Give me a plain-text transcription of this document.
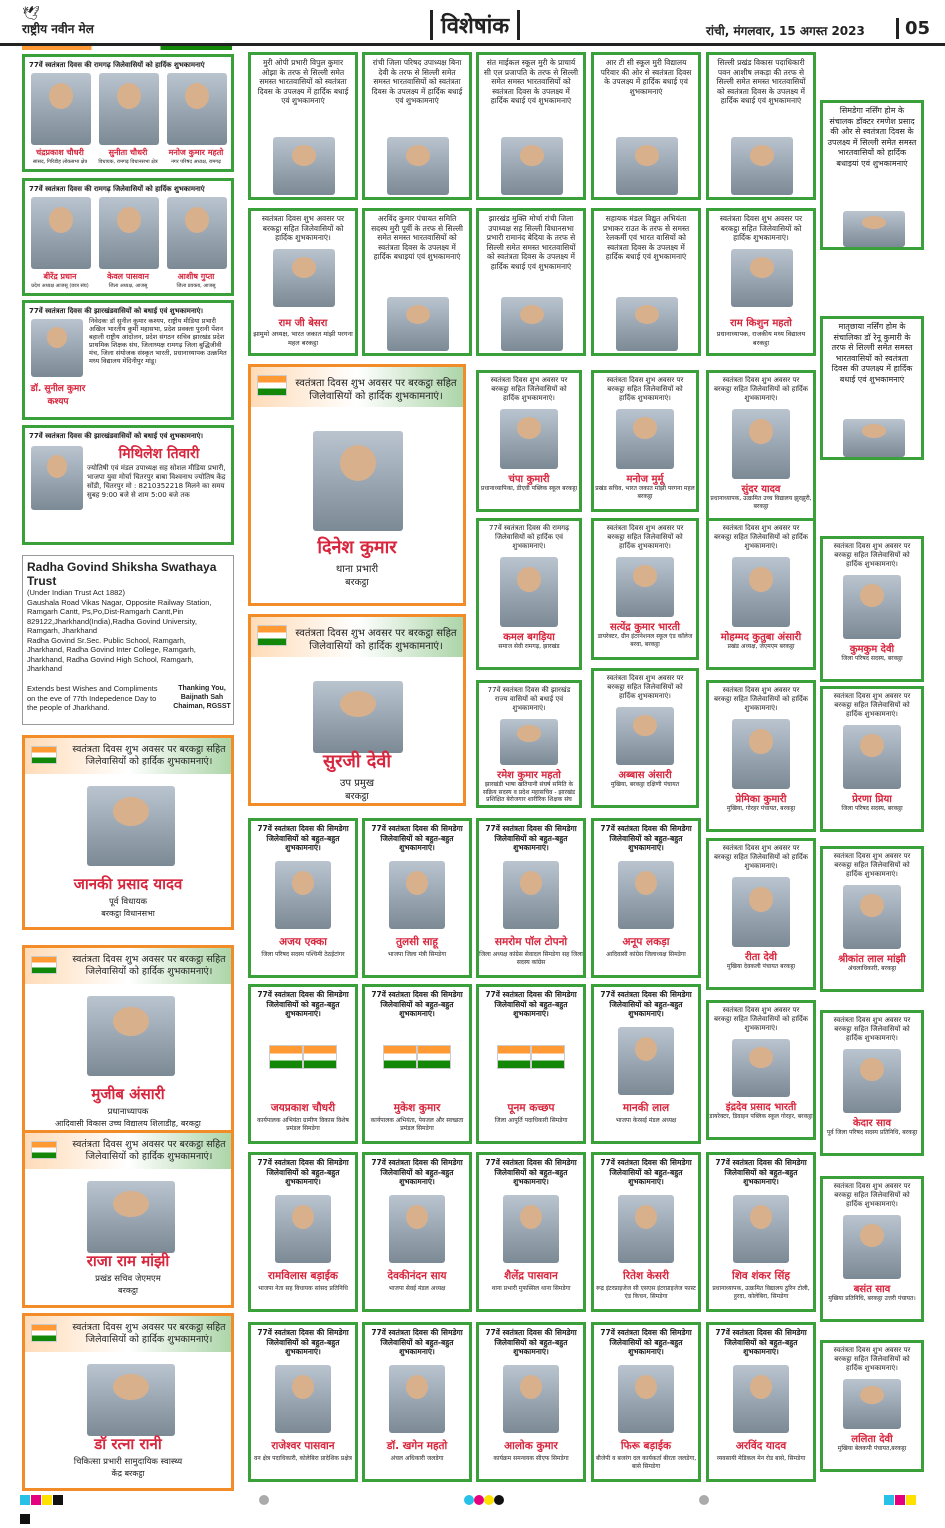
🕊
राष्ट्रीय नवीन मेल	विशेषांक	रांची, मंगलवार, 15 अगस्त 2023	05
77वें स्वतंत्रता दिवस की रामगढ़ जिलेवासियों को हार्दिक शुभकामनाएं
चंद्रप्रकाश चौधरी
सांसद, गिरिडीह लोकसभा क्षेत्र
सुनीता चौधरी
विधायक, रामगढ़ विधानसभा क्षेत्र
मनोज कुमार महतो
नगर परिषद अध्यक्ष, रामगढ़
77वें स्वतंत्रता दिवस की रामगढ़ जिलेवासियों को हार्दिक शुभकामनाएं
बीरेंद्र प्रधान
प्रदेश अध्यक्ष आजसू (छात्र संघ)
केवल पासवान
जिला अध्यक्ष, आजसू
आशीष गुप्ता
जिला प्रवक्ता, आजसू
77वें स्वतंत्रता दिवस की झारखंडवासियों को बधाई एवं शुभकामनाएं।
डॉ. सुनील कुमार कश्यप
निवेदकः डॉ सुनील कुमार कश्यप, राष्ट्रीय मीडिया प्रभारी अखिल भारतीय कुर्मी महासभा, प्रदेश प्रवक्ता पुरानी पेंशन बहाली राष्ट्रीय आंदोलन, प्रदेश संगठन सचिव झारखंड प्रदेश प्राथमिक शिक्षक संघ, जिलाध्यक्ष रामगढ़ जिला बुद्धिजीवी मंच, जिला संयोजक संस्कृत भारती, प्रधानाध्यापक उत्क्रमित मध्य विद्यालय मेदिनीपुर मांडू।
77वें स्वतंत्रता दिवस की झारखंडवासियों को बधाई एवं शुभकामनाएं।
मिथिलेश तिवारी
ज्योतिषी एवं मंडल उपाध्यक्ष सह सोशल मीडिया प्रभारी, भाजपा युवा मोर्चा चितरपुर बाबा विश्वनाथ ज्योतिष केंद्र सोंडी, चितरपुर मो : 8210352218 मिलने का समय सुबह 9:00 बजे से शाम 5:00 बजे तक
Radha Govind Shiksha Swathaya Trust
(Under Indian Trust Act 1882)
Gaushala Road Vikas Nagar, Opposite Railway Station,
Ramgarh Cantt, Ps,Po,Dist-Ramgarh Cantt,Pin
829122,Jharkhand(India),Radha Govind University,
Ramgarh, Jharkhand
Radha Govind Sr.Sec. Public School, Ramgarh,
Jharkhand, Radha Govind Inter College, Ramgarh,
Jharkhand, Radha Govind High School, Ramgarh,
Jharkhand
Extends best Wishes and Compliments on the eve of 77th Indepedence Day to the people of Jharkhand.
Thanking You, Baijnath Sah Chaiman, RGSST
स्वतंत्रता दिवस शुभ अवसर पर बरकट्ठा सहित जिलेवासियों को हार्दिक शुभकामनाएं।
जानकी प्रसाद यादव
पूर्व विधायक
बरकट्ठा विधानसभा
स्वतंत्रता दिवस शुभ अवसर पर बरकट्ठा सहित जिलेवासियों को हार्दिक शुभकामनाएं।
मुजीब अंसारी
प्रधानाध्यापक
आदिवासी विकास उच्च विद्यालय शिलाडीह, बरकट्ठा
स्वतंत्रता दिवस शुभ अवसर पर बरकट्ठा सहित जिलेवासियों को हार्दिक शुभकामनाएं।
राजा राम मांझी
प्रखंड सचिव जेएमएम
बरकट्ठा
स्वतंत्रता दिवस शुभ अवसर पर बरकट्ठा सहित जिलेवासियों को हार्दिक शुभकामनाएं।
डॉ रत्ना रानी
चिकित्सा प्रभारी सामुदायिक स्वास्थ्य
केंद्र बरकट्ठा
मुरी ओपी प्रभारी विपुल कुमार ओझा के तरफ से सिल्ली समेत समस्त भारतवासियों को स्वतंत्रता दिवस के उपलक्ष्य में हार्दिक बधाई एवं शुभकामनाएं
रांची जिला परिषद उपाध्यक्ष बिना देवी के तरफ से सिल्ली समेत समस्त भारतवासियों को स्वतंत्रता दिवस के उपलक्ष्य में हार्दिक बधाई एवं शुभकामनाएं
संत माईकल स्कूल मुरी के प्राचार्य सी एल प्रजापति के तरफ से सिल्ली समेत समस्त भारतवासियों को स्वतंत्रता दिवस के उपलक्ष्य में हार्दिक बधाई एवं शुभकामनाएं
आर टी सी स्कूल मुरी विद्यालय परिवार की ओर से स्वतंत्रता दिवस के उपलक्ष्य में हार्दिक बधाई एवं शुभकामनाएं
सिल्ली प्रखंड विकास पदाधिकारी पवन आशीष लकड़ा की तरफ से सिल्ली समेत समस्त भारतवासियों को स्वतंत्रता दिवस के उपलक्ष्य में हार्दिक बधाई एवं शुभकामनाएं
स्वतंत्रता दिवस शुभ अवसर पर बरकट्ठा सहित जिलेवासियों को हार्दिक शुभकामनाएं।
राम जी बेसरा
झामुमो अध्यक्ष, भारत जकात मांझी परगना महल बरकट्ठा
अरविंद कुमार पंचायत समिति सदस्य मुरी पूर्वी के तरफ से सिल्ली समेत समस्त भारतवासियों को स्वतंत्रता दिवस के उपलक्ष्य में हार्दिक बधाइयां एवं शुभकामनाएं
झारखंड मुक्ति मोर्चा रांची जिला उपाध्यक्ष सह सिल्ली विधानसभा प्रभारी रामानंद बेदिया के तरफ से सिल्ली समेत समस्त भारतवासियों को स्वतंत्रता दिवस के उपलक्ष्य में हार्दिक बधाई एवं शुभकामनाएं
सहायक मंडल विद्युत अभियंता प्रभाकर राउत के तरफ से समस्त रेलकर्मी एवं भारत वासियों को स्वतंत्रता दिवस के उपलक्ष्य में हार्दिक बधाई एवं शुभकामनाएं
स्वतंत्रता दिवस शुभ अवसर पर बरकट्ठा सहित जिलेवासियों को हार्दिक शुभकामनाएं।
राम किशुन महतो
प्रधानाध्यापक, राजकीय मध्य विद्यालय बरकट्ठा
स्वतंत्रता दिवस शुभ अवसर पर बरकट्ठा सहित जिलेवासियों को हार्दिक शुभकामनाएं।
दिनेश कुमार
थाना प्रभारी
बरकट्ठा
स्वतंत्रता दिवस शुभ अवसर पर बरकट्ठा सहित जिलेवासियों को हार्दिक शुभकामनाएं।
सुरजी देवी
उप प्रमुख
बरकट्ठा
स्वतंत्रता दिवस शुभ अवसर पर बरकट्ठा सहित जिलेवासियों को हार्दिक शुभकामनाएं।
चंपा कुमारी
प्रधानाध्यापिका, डीएवी पब्लिक स्कूल बरकट्ठा
77वें स्वतंत्रता दिवस की रामगढ़ जिलेवासियों को हार्दिक एवं शुभकामनाएं।
कमल बगड़िया
समाज सेवी रामगढ़, झारखंड
77वें स्वतंत्रता दिवस की झारखंड राज्य वासियों को बधाई एवं शुभकामनाएं।
रमेश कुमार महतो
झारखंडी भाषा खतियानी संघर्ष समिति के सक्रिय सदस्य व प्रदेश महासचिव - झारखंड प्रशिक्षित बेरोजगार शारीरिक शिक्षक संघ
स्वतंत्रता दिवस शुभ अवसर पर बरकट्ठा सहित जिलेवासियों को हार्दिक शुभकामनाएं।
मनोज मुर्मू
प्रखंड सचिव, भारत जकात मांझी परगना महल बरकट्ठा
स्वतंत्रता दिवस शुभ अवसर पर बरकट्ठा सहित जिलेवासियों को हार्दिक शुभकामनाएं।
सत्येंद्र कुमार भारती
डायरेक्टर, ग्रीन इंटरनेशनल स्कूल एंड कॉलेज बरवा, बरकट्ठा
स्वतंत्रता दिवस शुभ अवसर पर बरकट्ठा सहित जिलेवासियों को हार्दिक शुभकामनाएं।
अब्बास अंसारी
मुखिया, बरकट्ठा दक्षिणी पंचायत
स्वतंत्रता दिवस शुभ अवसर पर बरकट्ठा सहित जिलेवासियों को हार्दिक शुभकामनाएं।
सुंदर यादव
प्रधानाध्यापक, उत्क्रमित उच्च विद्यालय झुरझुरी, बरकट्ठा
स्वतंत्रता दिवस शुभ अवसर पर बरकट्ठा सहित जिलेवासियों को हार्दिक शुभकामनाएं।
मोहम्मद कुतुबा अंसारी
प्रखंड अध्यक्ष, जेएमएम बरकट्ठा
स्वतंत्रता दिवस शुभ अवसर पर बरकट्ठा सहित जिलेवासियों को हार्दिक शुभकामनाएं।
प्रेमिका कुमारी
मुखिया, गोरहर पंचायत, बरकट्ठा
स्वतंत्रता दिवस शुभ अवसर पर बरकट्ठा सहित जिलेवासियों को हार्दिक शुभकामनाएं।
रीता देवी
मुखिया देवकली पंचायत बरकट्ठा
स्वतंत्रता दिवस शुभ अवसर पर बरकट्ठा सहित जिलेवासियों को हार्दिक शुभकामनाएं।
इंद्रदेव प्रसाद भारती
डायरेक्टर, डिवाइन पब्लिक स्कूल गोरहर, बरकट्ठा
सिमडेगा नर्सिंग होम के संचालक डॉक्टर रमणेश प्रसाद की ओर से स्वतंत्रता दिवस के उपलक्ष्य में सिल्ली समेत समस्त भारतवासियों को हार्दिक बधाइयां एवं शुभकामनाएं
मातृछाया नर्सिंग होम के संचालिका डॉ रेनू कुमारी के तरफ से सिल्ली समेत समस्त भारतवासियों को स्वतंत्रता दिवस की उपलक्ष्य में हार्दिक बधाई एवं शुभकामनाएं
स्वतंत्रता दिवस शुभ अवसर पर बरकट्ठा सहित जिलेवासियों को हार्दिक शुभकामनाएं।
कुमकुम देवी
जिला परिषद सदस्य, बरकट्ठा
स्वतंत्रता दिवस शुभ अवसर पर बरकट्ठा सहित जिलेवासियों को हार्दिक शुभकामनाएं।
प्रेरणा प्रिया
जिला परिषद सदस्य, बरकट्ठा
स्वतंत्रता दिवस शुभ अवसर पर बरकट्ठा सहित जिलेवासियों को हार्दिक शुभकामनाएं।
श्रीकांत लाल मांझी
अंचलाधिकारी, बरकट्ठा
स्वतंत्रता दिवस शुभ अवसर पर बरकट्ठा सहित जिलेवासियों को हार्दिक शुभकामनाएं।
केदार साव
पूर्व जिला परिषद सदस्य प्रतिनिधि, बरकट्ठा
स्वतंत्रता दिवस शुभ अवसर पर बरकट्ठा सहित जिलेवासियों को हार्दिक शुभकामनाएं।
बसंत साव
मुखिया प्रतिनिधि, बरकट्ठा उत्तरी पंचायत।
स्वतंत्रता दिवस शुभ अवसर पर बरकट्ठा सहित जिलेवासियों को हार्दिक शुभकामनाएं।
ललिता देवी
मुखिया बेलकपी पंचायत,बरकट्ठा
77वें स्वतंत्रता दिवस की सिमडेगा जिलेवासियों को बहुत-बहुत शुभकामनाएं।
अजय एक्का
जिला परिषद सदस्य पश्चिमी ठेठईटांगर
77वें स्वतंत्रता दिवस की सिमडेगा जिलेवासियों को बहुत-बहुत शुभकामनाएं।
तुलसी साहू
भाजपा जिला मंत्री सिमडेगा
77वें स्वतंत्रता दिवस की सिमडेगा जिलेवासियों को बहुत-बहुत शुभकामनाएं।
समरोम पॉल टोपनो
जिला अध्यक्ष कांग्रेस सेवादल सिमडेगा सह जिला सदस्य कांग्रेस
77वें स्वतंत्रता दिवस की सिमडेगा जिलेवासियों को बहुत-बहुत शुभकामनाएं।
अनूप लकड़ा
आदिवासी कांग्रेस जिलाध्यक्ष सिमडेगा
77वें स्वतंत्रता दिवस की सिमडेगा जिलेवासियों को बहुत-बहुत शुभकामनाएं।
जयप्रकाश चौधरी
कार्यपालक अभियंता ग्रामीण विकास विशेष प्रमंडल सिमडेगा
77वें स्वतंत्रता दिवस की सिमडेगा जिलेवासियों को बहुत-बहुत शुभकामनाएं।
मुकेश कुमार
कार्यपालक अभियंता, पेयजल और स्वच्छता प्रमंडल सिमडेगा
77वें स्वतंत्रता दिवस की सिमडेगा जिलेवासियों को बहुत-बहुत शुभकामनाएं।
पूनम कच्छप
जिला आपूर्ति पदाधिकारी सिमडेगा
77वें स्वतंत्रता दिवस की सिमडेगा जिलेवासियों को बहुत-बहुत शुभकामनाएं।
मानकी लाल
भाजपा केरसई मंडल अध्यक्ष
77वें स्वतंत्रता दिवस की सिमडेगा जिलेवासियों को बहुत-बहुत शुभकामनाएं।
रामविलास बड़ाईक
भाजपा नेता सह विधायक सांसद प्रतिनिधि
77वें स्वतंत्रता दिवस की सिमडेगा जिलेवासियों को बहुत-बहुत शुभकामनाएं।
देवकीनंदन साय
भाजपा सेवई मंडल अध्यक्ष
77वें स्वतंत्रता दिवस की सिमडेगा जिलेवासियों को बहुत-बहुत शुभकामनाएं।
शैलेंद्र पासवान
थाना प्रभारी मुफस्सिल थाना सिमडेगा
77वें स्वतंत्रता दिवस की सिमडेगा जिलेवासियों को बहुत-बहुत शुभकामनाएं।
रितेश केसरी
रूद्र इंटरप्राइजेज सी एसएस इंटरप्राइजेज फास्ट एंड किचन, सिमडेगा
77वें स्वतंत्रता दिवस की सिमडेगा जिलेवासियों को बहुत-बहुत शुभकामनाएं।
शिव शंकर सिंह
प्रधानाध्यापक, उत्क्रमित विद्यालय ठुरिन टोली, हुरदा, कोलेबिरा, सिमडेगा
77वें स्वतंत्रता दिवस की सिमडेगा जिलेवासियों को बहुत-बहुत शुभकामनाएं।
राजेश्वर पासवान
वन क्षेत्र पदाधिकारी, कोलेबिरा प्रादेशिक प्रक्षेत्र
77वें स्वतंत्रता दिवस की सिमडेगा जिलेवासियों को बहुत-बहुत शुभकामनाएं।
डॉ. खगेन महतो
अंचल अधिकारी जलडेगा
77वें स्वतंत्रता दिवस की सिमडेगा जिलेवासियों को बहुत-बहुत शुभकामनाएं।
आलोक कुमार
कार्यक्रम समन्वयक सीएफ सिमडेगा
77वें स्वतंत्रता दिवस की सिमडेगा जिलेवासियों को बहुत-बहुत शुभकामनाएं।
फिरू बड़ाईक
बीजेपी व बजरंग दल कार्यकर्ता बीरता जलडेगा, बासे सिमडेगा
77वें स्वतंत्रता दिवस की सिमडेगा जिलेवासियों को बहुत-बहुत शुभकामनाएं।
अरविंद यादव
व्यवसायी मेडिकल मेन रोड बासे, सिमडेगा
